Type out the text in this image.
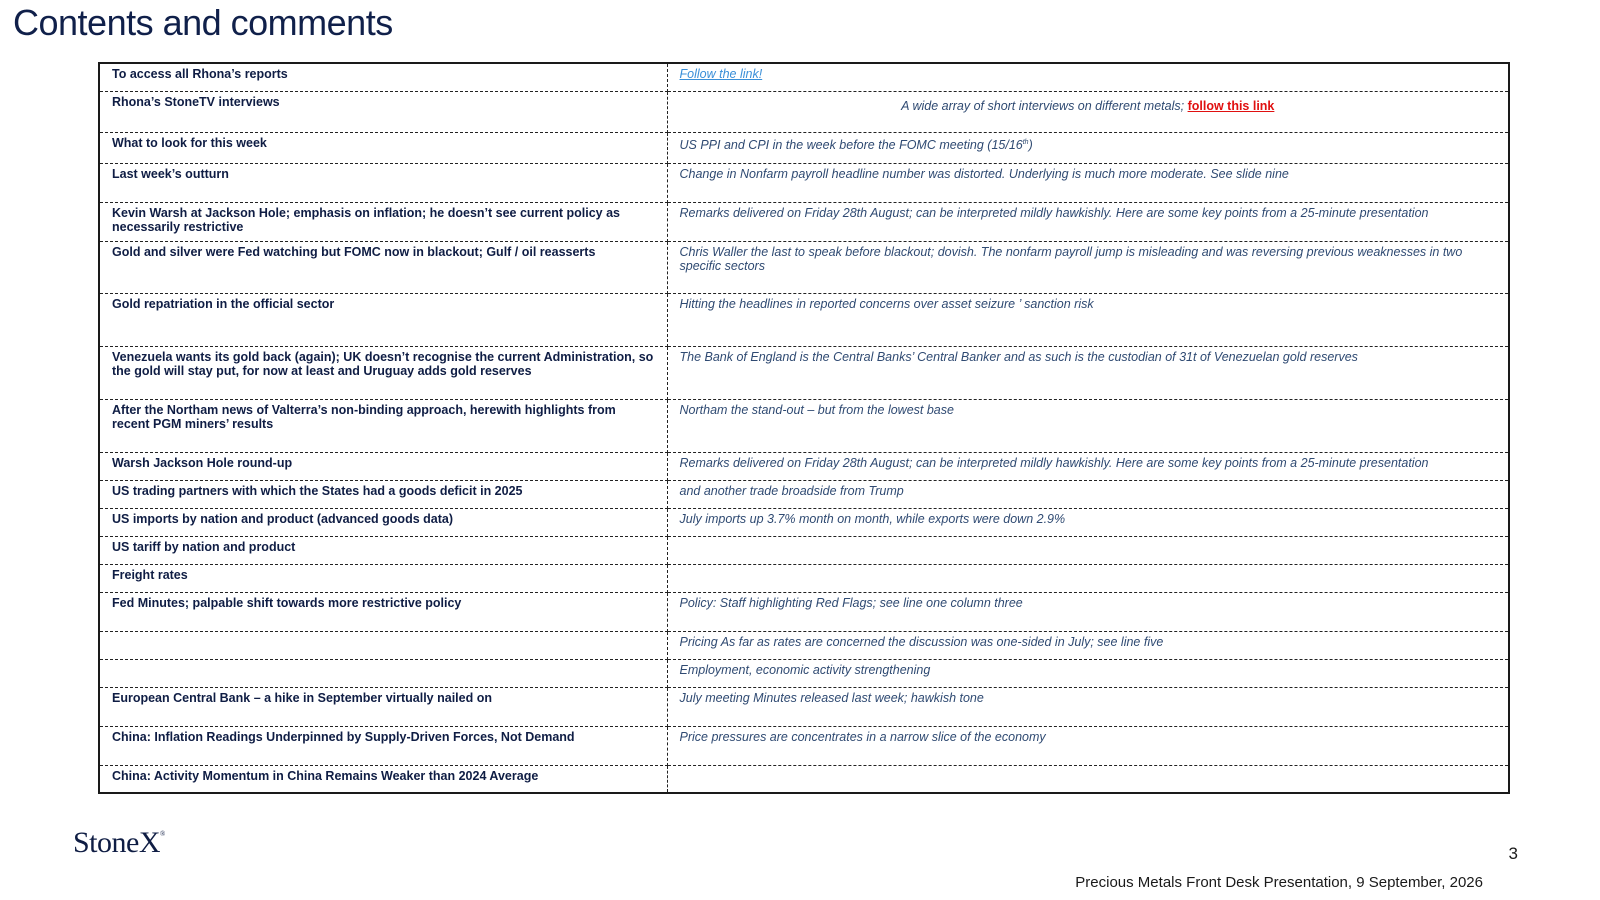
Contents and comments
To access all Rhona’s reports	Follow the link!
Rhona’s StoneTV interviews	A wide array of short interviews on different metals; follow this link
What to look for this week	US PPI and CPI in the week before the FOMC meeting (15/16th)
Last week’s outturn	Change in Nonfarm payroll headline number was distorted. Underlying is much more moderate. See slide nine
Kevin Warsh at Jackson Hole; emphasis on inflation; he doesn’t see current policy as necessarily restrictive	Remarks delivered on Friday 28th August; can be interpreted mildly hawkishly. Here are some key points from a 25-minute presentation
Gold and silver were Fed watching but FOMC now in blackout; Gulf / oil reasserts	Chris Waller the last to speak before blackout; dovish. The nonfarm payroll jump is misleading and was reversing previous weaknesses in two specific sectors
Gold repatriation in the official sector	Hitting the headlines in reported concerns over asset seizure ’ sanction risk
Venezuela wants its gold back (again); UK doesn’t recognise the current Administration, so the gold will stay put, for now at least and Uruguay adds gold reserves	The Bank of England is the Central Banks’ Central Banker and as such is the custodian of 31t of Venezuelan gold reserves
After the Northam news of Valterra’s non-binding approach, herewith highlights from recent PGM miners’ results	Northam the stand-out – but from the lowest base
Warsh Jackson Hole round-up	Remarks delivered on Friday 28th August; can be interpreted mildly hawkishly. Here are some key points from a 25-minute presentation
US trading partners with which the States had a goods deficit in 2025	and another trade broadside from Trump
US imports by nation and product (advanced goods data)	July imports up 3.7% month on month, while exports were down 2.9%
US tariff by nation and product	
Freight rates	
Fed Minutes; palpable shift towards more restrictive policy	Policy: Staff highlighting Red Flags; see line one column three
	Pricing As far as rates are concerned the discussion was one-sided in July; see line five
	Employment, economic activity strengthening
European Central Bank – a hike in September virtually nailed on	July meeting Minutes released last week; hawkish tone
China: Inflation Readings Underpinned by Supply-Driven Forces, Not Demand	Price pressures are concentrates in a narrow slice of the economy
China: Activity Momentum in China Remains Weaker than 2024 Average	
StoneX®
3
Precious Metals Front Desk Presentation, 9 September, 2026
